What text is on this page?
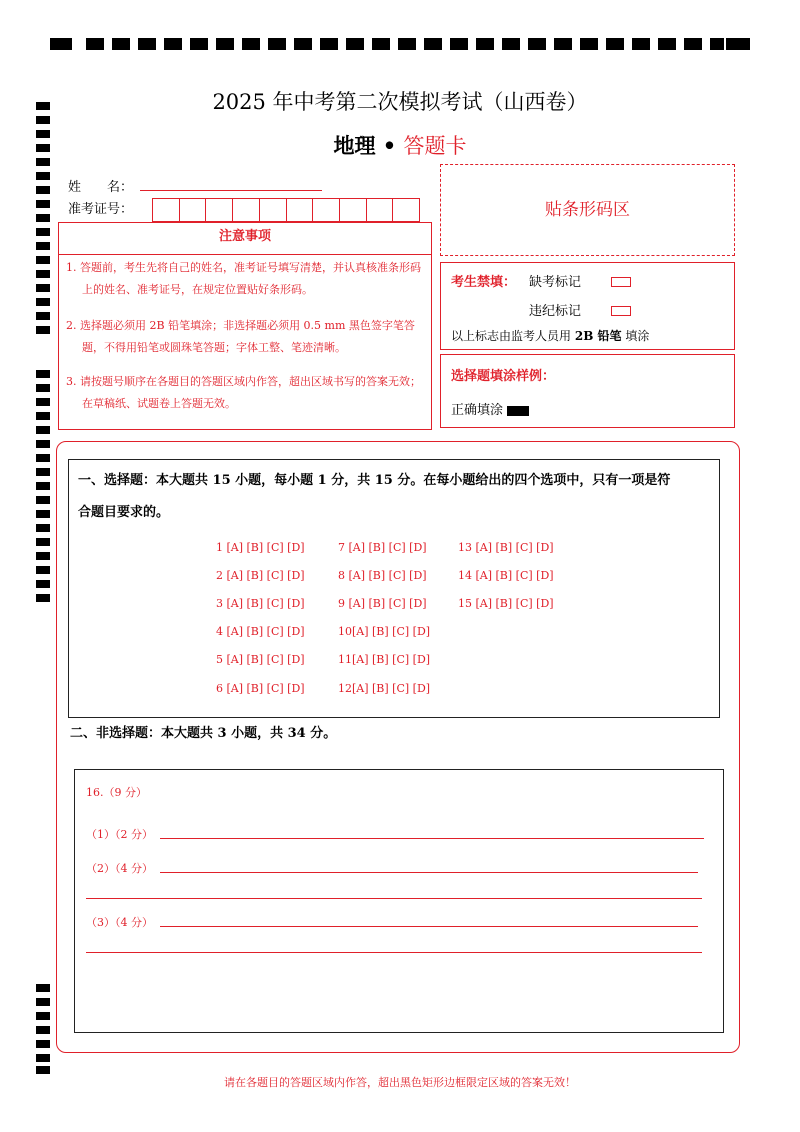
2025 年中考第二次模拟考试（山西卷）
地理 • 答题卡
姓　　名：
准考证号：
注意事项
1. 答题前，考生先将自己的姓名，准考证号填写清楚，并认真核准条形码上的姓名、准考证号，在规定位置贴好条形码。
2. 选择题必须用 2B 铅笔填涂；非选择题必须用 0.5 mm 黑色签字笔答题，不得用铅笔或圆珠笔答题；字体工整、笔迹清晰。
3. 请按题号顺序在各题目的答题区域内作答，超出区域书写的答案无效；在草稿纸、试题卷上答题无效。
贴条形码区
考生禁填： 缺考标记
违纪标记
以上标志由监考人员用 2B 铅笔 填涂
选择题填涂样例：
正确填涂
一、选择题：本大题共 15 小题，每小题 1 分，共 15 分。在每小题给出的四个选项中，只有一项是符
合题目要求的。
1 [A] [B] [C] [D]
2 [A] [B] [C] [D]
3 [A] [B] [C] [D]
4 [A] [B] [C] [D]
5 [A] [B] [C] [D]
6 [A] [B] [C] [D]
7 [A] [B] [C] [D]
8 [A] [B] [C] [D]
9 [A] [B] [C] [D]
10[A] [B] [C] [D]
11[A] [B] [C] [D]
12[A] [B] [C] [D]
13 [A] [B] [C] [D]
14 [A] [B] [C] [D]
15 [A] [B] [C] [D]
二、非选择题：本大题共 3 小题，共 34 分。
16.（9 分）
（1）（2 分）
（2）（4 分）
（3）（4 分）
请在各题目的答题区域内作答，超出黑色矩形边框限定区域的答案无效！
